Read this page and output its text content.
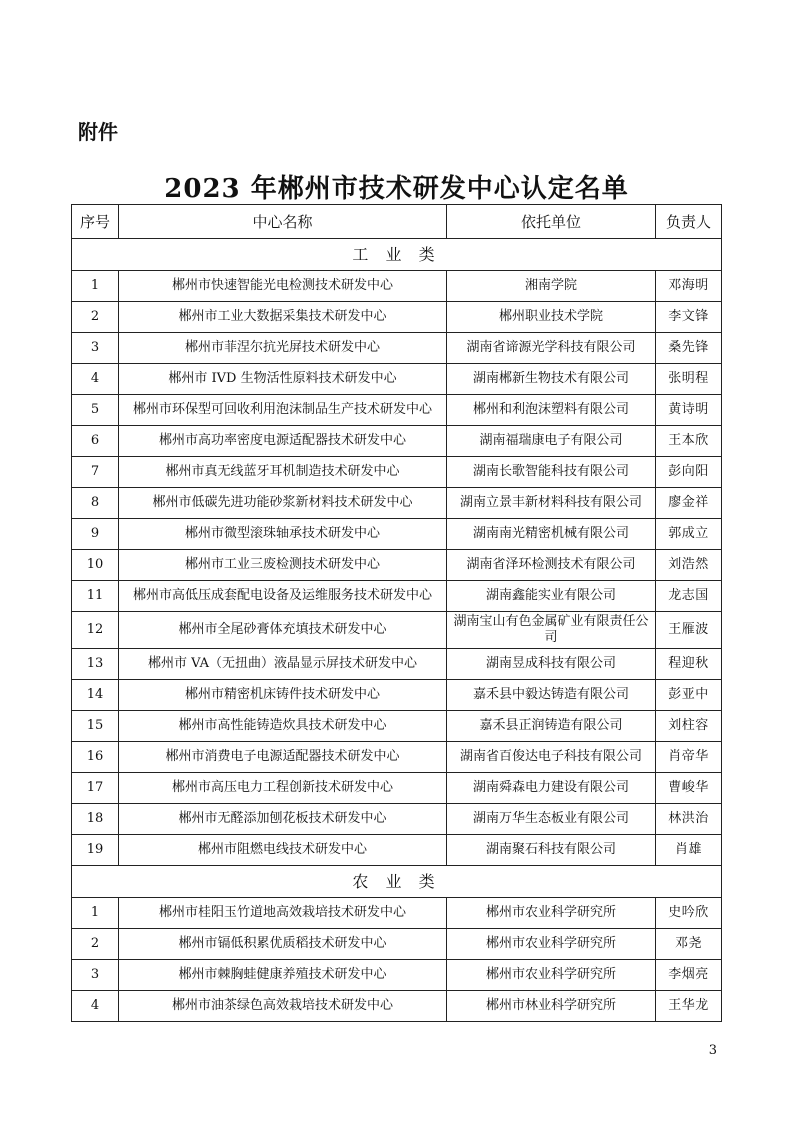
附件
2023 年郴州市技术研发中心认定名单
序号	中心名称	依托单位	负责人
工 业 类			
1	郴州市快速智能光电检测技术研发中心	湘南学院	邓海明
2	郴州市工业大数据采集技术研发中心	郴州职业技术学院	李文锋
3	郴州市菲涅尔抗光屏技术研发中心	湖南省谛源光学科技有限公司	桑先锋
4	郴州市 IVD 生物活性原料技术研发中心	湖南郴新生物技术有限公司	张明程
5	郴州市环保型可回收利用泡沫制品生产技术研发中心	郴州和利泡沫塑料有限公司	黄诗明
6	郴州市高功率密度电源适配器技术研发中心	湖南福瑞康电子有限公司	王本欣
7	郴州市真无线蓝牙耳机制造技术研发中心	湖南长歌智能科技有限公司	彭向阳
8	郴州市低碳先进功能砂浆新材料技术研发中心	湖南立景丰新材料科技有限公司	廖金祥
9	郴州市微型滚珠轴承技术研发中心	湖南南光精密机械有限公司	郭成立
10	郴州市工业三废检测技术研发中心	湖南省泽环检测技术有限公司	刘浩然
11	郴州市高低压成套配电设备及运维服务技术研发中心	湖南鑫能实业有限公司	龙志国
12	郴州市全尾砂膏体充填技术研发中心	湖南宝山有色金属矿业有限责任公司	王雁波
13	郴州市 VA（无扭曲）液晶显示屏技术研发中心	湖南昱成科技有限公司	程迎秋
14	郴州市精密机床铸件技术研发中心	嘉禾县中毅达铸造有限公司	彭亚中
15	郴州市高性能铸造炊具技术研发中心	嘉禾县正润铸造有限公司	刘柱容
16	郴州市消费电子电源适配器技术研发中心	湖南省百俊达电子科技有限公司	肖帝华
17	郴州市高压电力工程创新技术研发中心	湖南舜森电力建设有限公司	曹峻华
18	郴州市无醛添加刨花板技术研发中心	湖南万华生态板业有限公司	林洪治
19	郴州市阻燃电线技术研发中心	湖南聚石科技有限公司	肖雄
农 业 类			
1	郴州市桂阳玉竹道地高效栽培技术研发中心	郴州市农业科学研究所	史吟欣
2	郴州市镉低积累优质稻技术研发中心	郴州市农业科学研究所	邓尧
3	郴州市棘胸蛙健康养殖技术研发中心	郴州市农业科学研究所	李烟亮
4	郴州市油茶绿色高效栽培技术研发中心	郴州市林业科学研究所	王华龙
3
